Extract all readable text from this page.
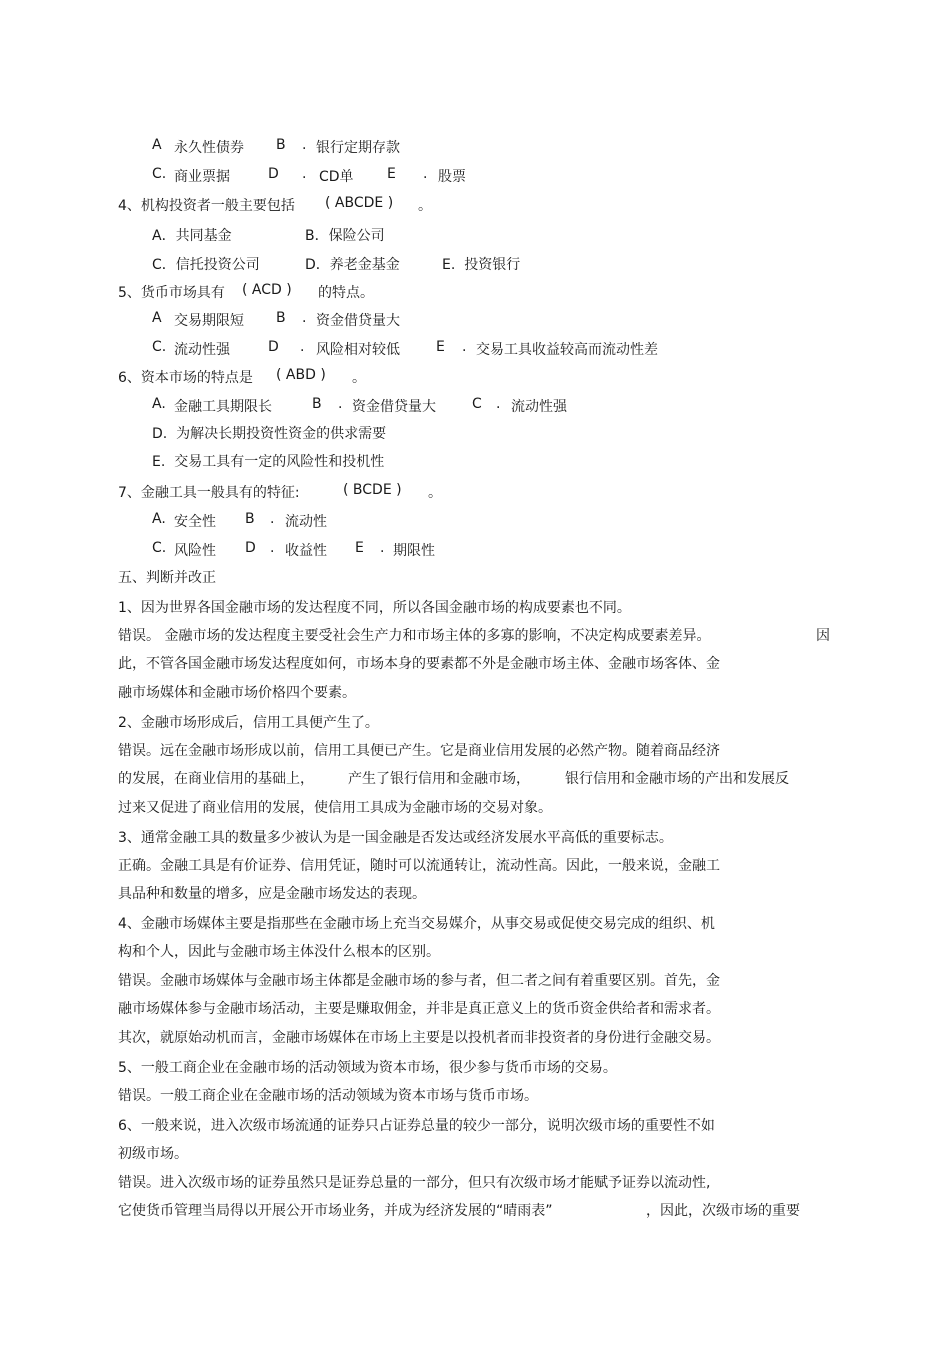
A 永久性债券 B . 银行定期存款
C. 商业票据	D . CD单 E . 股票
4、机构投资者一般主要包括 ( ABCDE ) 。
A．共同基金	B．保险公司
C．信托投资公司	D．养老金基金	E.  投资银行
5、货币市场具有 ( ACD ) 的特点。
A 交易期限短 B . 资金借贷量大
C. 流动性强	D . 风险相对较低	E . 交易工具收益较高而流动性差
6、资本市场的特点是 ( ABD ) 。
A. 金融工具期限长	B . 资金借贷量大	C . 流动性强
D.  为解决长期投资性资金的供求需要
E.  交易工具有一定的风险性和投机性
7、金融工具一般具有的特征:	( BCDE ) 。
A. 安全性 B . 流动性
C. 风险性 D . 收益性 E . 期限性
五、判断并改正
1、因为世界各国金融市场的发达程度不同，所以各国金融市场的构成要素也不同。
错误。 金融市场的发达程度主要受社会生产力和市场主体的多寡的影响，不决定构成要素差异。	因
此，不管各国金融市场发达程度如何，市场本身的要素都不外是金融市场主体、金融市场客体、金
融市场媒体和金融市场价格四个要素。
2、金融市场形成后，信用工具便产生了。
错误。远在金融市场形成以前，信用工具便已产生。它是商业信用发展的必然产物。随着商品经济
的发展，在商业信用的基础上， 产生了银行信用和金融市场，	银行信用和金融市场的产出和发展反
过来又促进了商业信用的发展，使信用工具成为金融市场的交易对象。
3、通常金融工具的数量多少被认为是一国金融是否发达或经济发展水平高低的重要标志。
正确。金融工具是有价证券、信用凭证，随时可以流通转让，流动性高。因此，一般来说，金融工
具品种和数量的增多，应是金融市场发达的表现。
4、金融市场媒体主要是指那些在金融市场上充当交易媒介，从事交易或促使交易完成的组织、机
构和个人，因此与金融市场主体没什么根本的区别。
错误。金融市场媒体与金融市场主体都是金融市场的参与者，但二者之间有着重要区别。首先，金
融市场媒体参与金融市场活动，主要是赚取佣金，并非是真正意义上的货币资金供给者和需求者。
其次，就原始动机而言，金融市场媒体在市场上主要是以投机者而非投资者的身份进行金融交易。
5、一般工商企业在金融市场的活动领域为资本市场，很少参与货币市场的交易。
错误。一般工商企业在金融市场的活动领域为资本市场与货币市场。
6、一般来说，进入次级市场流通的证券只占证券总量的较少一部分，说明次级市场的重要性不如
初级市场。
错误。进入次级市场的证券虽然只是证券总量的一部分，但只有次级市场才能赋予证券以流动性,
它使货币管理当局得以开展公开市场业务，并成为经济发展的“晴雨表”	，因此，次级市场的重要
